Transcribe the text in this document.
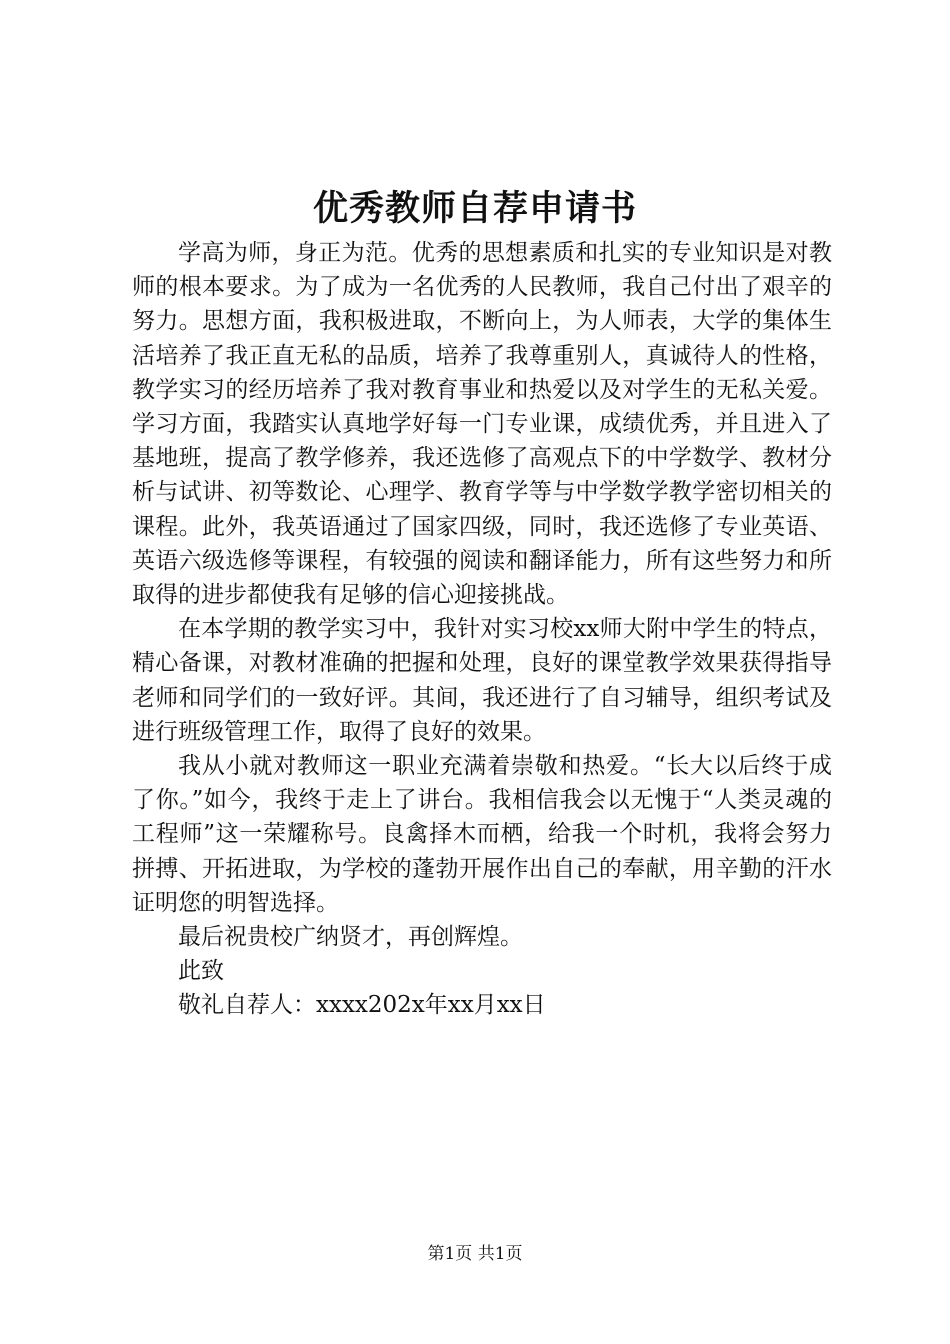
优秀教师自荐申请书

学高为师，身正为范。优秀的思想素质和扎实的专业知识是对教师的根本要求。为了成为一名优秀的人民教师，我自己付出了艰辛的努力。思想方面，我积极进取，不断向上，为人师表，大学的集体生活培养了我正直无私的品质，培养了我尊重别人，真诚待人的性格，教学实习的经历培养了我对教育事业和热爱以及对学生的无私关爱。学习方面，我踏实认真地学好每一门专业课，成绩优秀，并且进入了基地班，提高了教学修养，我还选修了高观点下的中学数学、教材分析与试讲、初等数论、心理学、教育学等与中学数学教学密切相关的课程。此外，我英语通过了国家四级，同时，我还选修了专业英语、英语六级选修等课程，有较强的阅读和翻译能力，所有这些努力和所取得的进步都使我有足够的信心迎接挑战。

在本学期的教学实习中，我针对实习校xx师大附中学生的特点，精心备课，对教材准确的把握和处理，良好的课堂教学效果获得指导老师和同学们的一致好评。其间，我还进行了自习辅导，组织考试及进行班级管理工作，取得了良好的效果。

我从小就对教师这一职业充满着崇敬和热爱。“长大以后终于成了你。”如今，我终于走上了讲台。我相信我会以无愧于“人类灵魂的工程师”这一荣耀称号。良禽择木而栖，给我一个时机，我将会努力拼搏、开拓进取，为学校的蓬勃开展作出自己的奉献，用辛勤的汗水证明您的明智选择。

最后祝贵校广纳贤才，再创辉煌。

此致

敬礼自荐人：xxxx202x年xx月xx日

第1页 共1页
